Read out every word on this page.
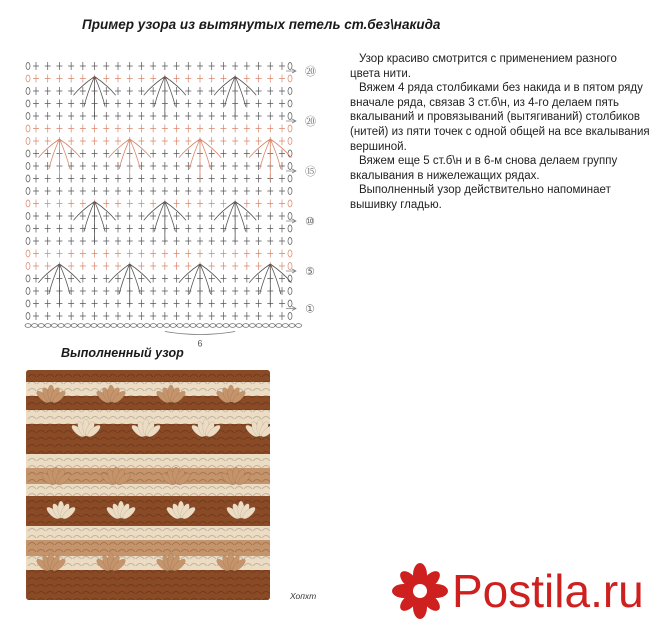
Пример узора из вытянутых петель ст.без\накида
⑳
⑳
⑮
⑩
⑤
①
6

Узор красиво смотрится с применением разного цвета нити.

Вяжем 4 ряда столбиками без накида и в пятом ряду вначале ряда, связав 3 ст.б\н, из 4-го делаем пять вкалываний и провязываний (вытягиваний) столбиков (нитей) из пяти точек с одной общей на все вкалывания вершиной.

Вяжем еще 5 ст.б\н и в 6-м снова делаем группу вкалывания в нижележащих рядах.

Выполненный узор действительно напоминает вышивку гладью.

Выполненный узор
Хопхт	Postila.ru
